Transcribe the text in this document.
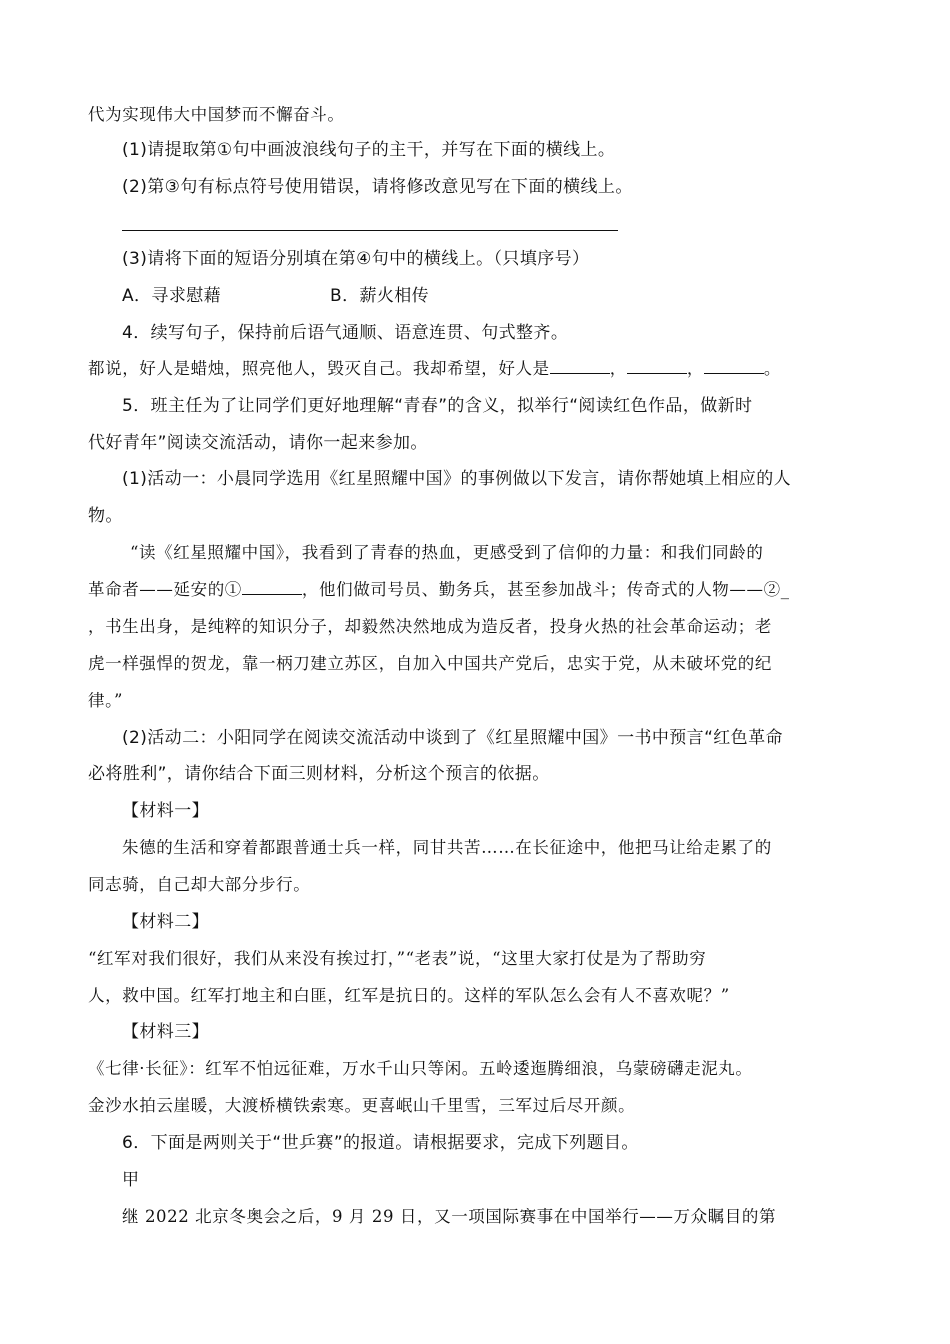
代为实现伟大中国梦而不懈奋斗。
(1)请提取第①句中画波浪线句子的主干，并写在下面的横线上。
(2)第③句有标点符号使用错误，请将修改意见写在下面的横线上。
(3)请将下面的短语分别填在第④句中的横线上。（只填序号）
A．寻求慰藉	B．薪火相传
4．续写句子，保持前后语气通顺、语意连贯、句式整齐。
都说，好人是蜡烛，照亮他人，毁灭自己。我却希望，好人是	，	，	。
5．班主任为了让同学们更好地理解“青春”的含义，拟举行“阅读红色作品，做新时
代好青年”阅读交流活动，请你一起来参加。
(1)活动一：小晨同学选用《红星照耀中国》的事例做以下发言，请你帮她填上相应的人
物。
“读《红星照耀中国》，我看到了青春的热血，更感受到了信仰的力量：和我们同龄的
革命者——延安的①	，他们做司号员、勤务兵，甚至参加战斗；传奇式的人物——②_
，书生出身，是纯粹的知识分子，却毅然决然地成为造反者，投身火热的社会革命运动；老
虎一样强悍的贺龙，靠一柄刀建立苏区，自加入中国共产党后，忠实于党，从未破坏党的纪
律。”
(2)活动二：小阳同学在阅读交流活动中谈到了《红星照耀中国》一书中预言“红色革命
必将胜利”，请你结合下面三则材料，分析这个预言的依据。
【材料一】
朱德的生活和穿着都跟普通士兵一样，同甘共苦……在长征途中，他把马让给走累了的
同志骑，自己却大部分步行。
【材料二】
“红军对我们很好，我们从来没有挨过打，”“老表”说，“这里大家打仗是为了帮助穷
人，救中国。红军打地主和白匪，红军是抗日的。这样的军队怎么会有人不喜欢呢？”
【材料三】
《七律·长征》：红军不怕远征难，万水千山只等闲。五岭逶迤腾细浪，乌蒙磅礴走泥丸。
金沙水拍云崖暖，大渡桥横铁索寒。更喜岷山千里雪，三军过后尽开颜。
6．下面是两则关于“世乒赛”的报道。请根据要求，完成下列题目。
甲
继 2022 北京冬奥会之后，9 月 29 日，又一项国际赛事在中国举行——万众瞩目的第
